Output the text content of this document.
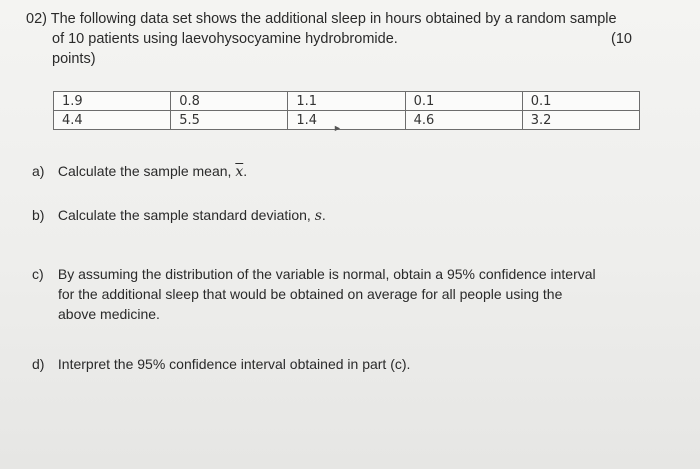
02) The following data set shows the additional sleep in hours obtained by a random sample
of 10 patients using laevohysocyamine hydrobromide.	(10
points)
1.9	0.8	1.1	0.1	0.1
4.4	5.5	1.4	4.6	3.2
►
a) Calculate the sample mean, $\overline{x}$.
b) Calculate the sample standard deviation, s.
c) By assuming the distribution of the variable is normal, obtain a 95% confidence interval
for the additional sleep that would be obtained on average for all people using the
above medicine.
d) Interpret the 95% confidence interval obtained in part (c).
